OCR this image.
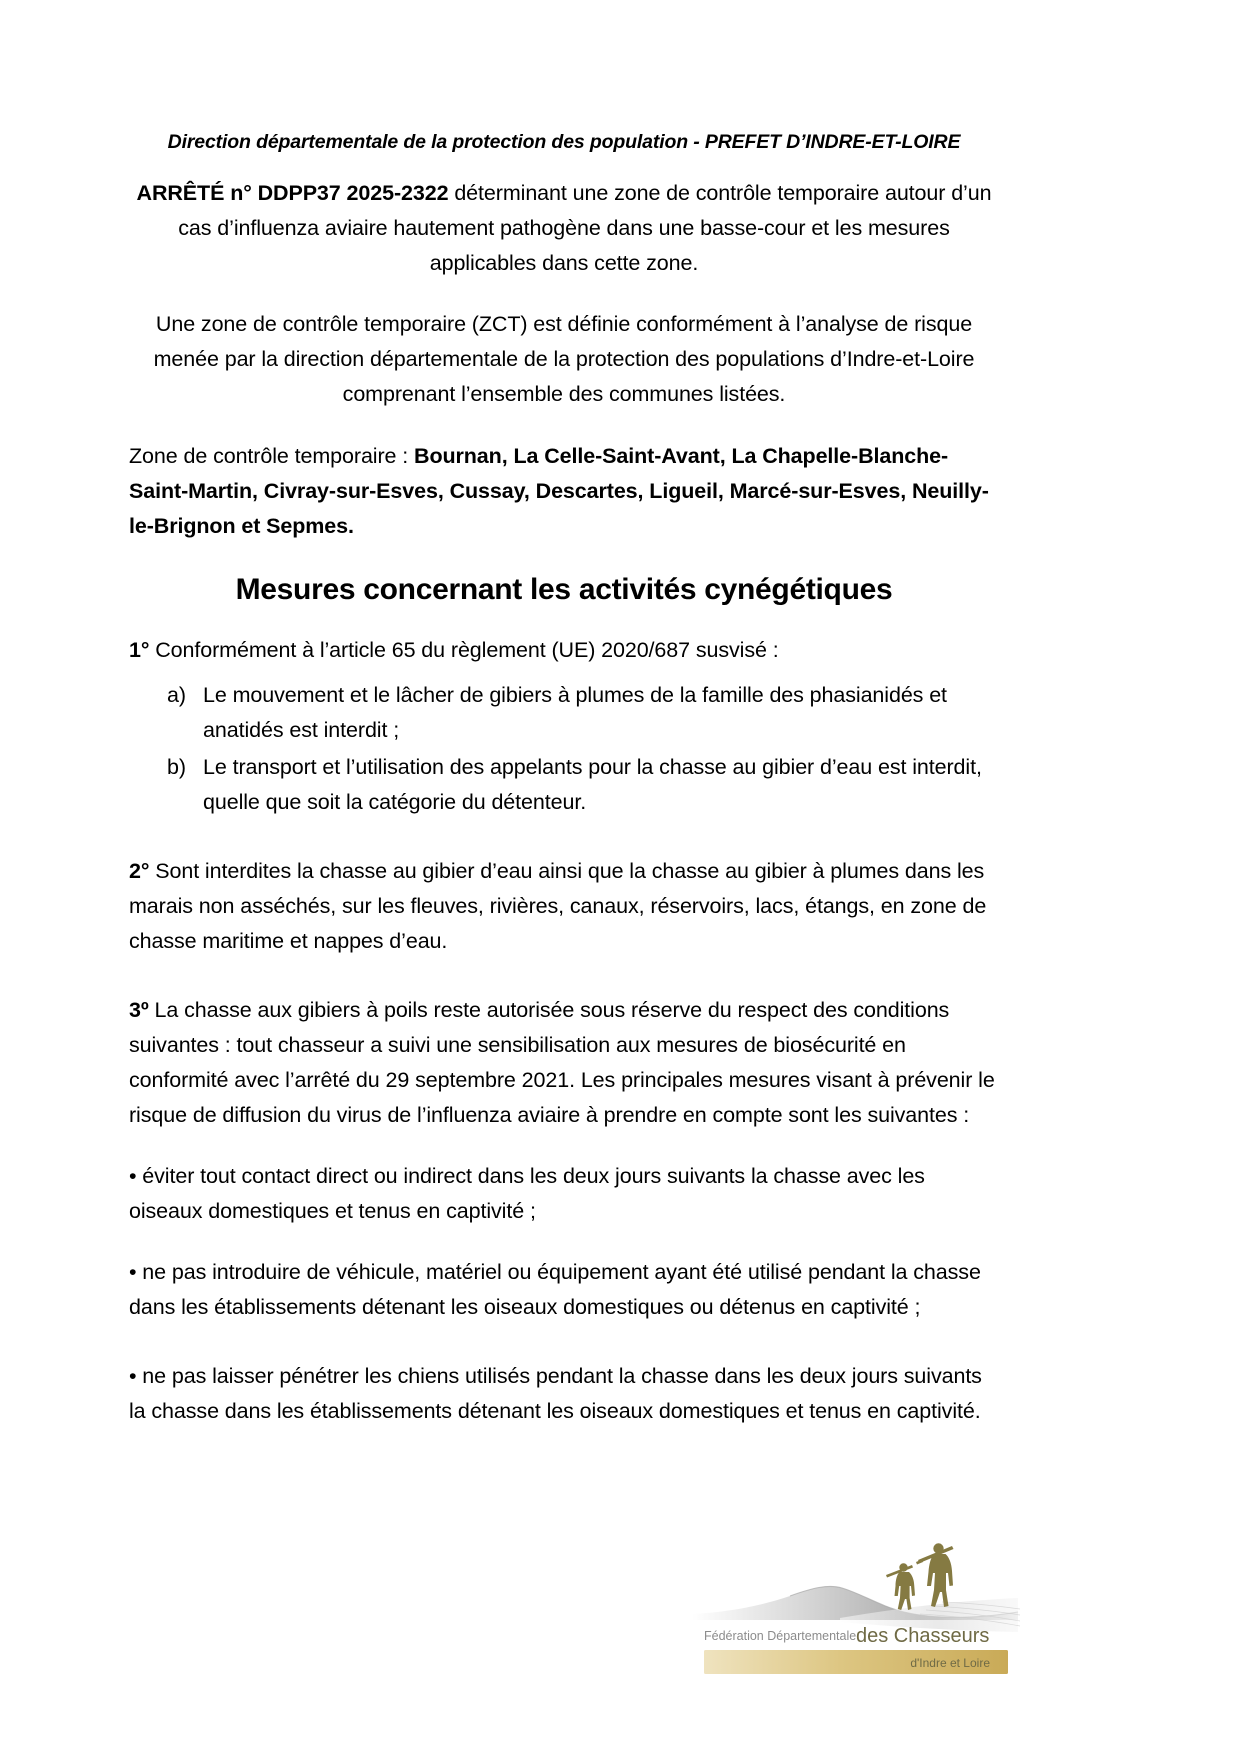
Direction départementale de la protection des population - PREFET D’INDRE-ET-LOIRE
ARRÊTÉ n° DDPP37 2025-2322 déterminant une zone de contrôle temporaire autour d’un cas d’influenza aviaire hautement pathogène dans une basse-cour et les mesures applicables dans cette zone.
Une zone de contrôle temporaire (ZCT) est définie conformément à l’analyse de risque menée par la direction départementale de la protection des populations d’Indre-et-Loire comprenant l’ensemble des communes listées.
Zone de contrôle temporaire : Bournan, La Celle-Saint-Avant, La Chapelle-Blanche-Saint-Martin, Civray-sur-Esves, Cussay, Descartes, Ligueil, Marcé-sur-Esves, Neuilly-le-Brignon et Sepmes.
Mesures concernant les activités cynégétiques
1° Conformément à l’article 65 du règlement (UE) 2020/687 susvisé :
a) Le mouvement et le lâcher de gibiers à plumes de la famille des phasianidés et anatidés est interdit ;
b) Le transport et l’utilisation des appelants pour la chasse au gibier d’eau est interdit, quelle que soit la catégorie du détenteur.
2° Sont interdites la chasse au gibier d’eau ainsi que la chasse au gibier à plumes dans les marais non asséchés, sur les fleuves, rivières, canaux, réservoirs, lacs, étangs, en zone de chasse maritime et nappes d’eau.
3º La chasse aux gibiers à poils reste autorisée sous réserve du respect des conditions suivantes : tout chasseur a suivi une sensibilisation aux mesures de biosécurité en conformité avec l’arrêté du 29 septembre 2021. Les principales mesures visant à prévenir le risque de diffusion du virus de l’influenza aviaire à prendre en compte sont les suivantes :
• éviter tout contact direct ou indirect dans les deux jours suivants la chasse avec les oiseaux domestiques et tenus en captivité ;
• ne pas introduire de véhicule, matériel ou équipement ayant été utilisé pendant la chasse dans les établissements détenant les oiseaux domestiques ou détenus en captivité ;
• ne pas laisser pénétrer les chiens utilisés pendant la chasse dans les deux jours suivants la chasse dans les établissements détenant les oiseaux domestiques et tenus en captivité.
Fédération Départementale des Chasseurs
d'Indre et Loire
